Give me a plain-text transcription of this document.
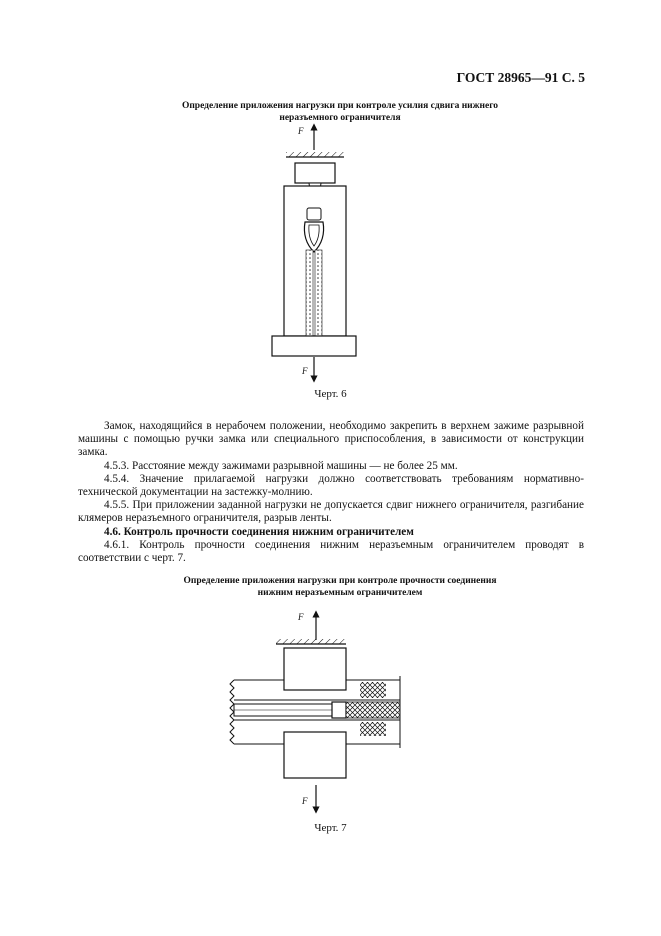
ГОСТ 28965—91 С. 5
Определение приложения нагрузки при контроле усилия сдвига нижнего
неразъемного ограничителя
F
F
Черт. 6

Замок, находящийся в нерабочем положении, необходимо закрепить в верхнем зажиме разрывной машины с помощью ручки замка или специального приспособления, в зависимости от конструкции замка.

4.5.3. Расстояние между зажимами разрывной машины — не более 25 мм.

4.5.4. Значение прилагаемой нагрузки должно соответствовать требованиям нормативно-технической документации на застежку-молнию.

4.5.5. При приложении заданной нагрузки не допускается сдвиг нижнего ограничителя, разгибание клямеров неразъемного ограничителя, разрыв ленты.

4.6. Контроль прочности соединения нижним ограничителем

4.6.1. Контроль прочности соединения нижним неразъемным ограничителем проводят в соответствии с черт. 7.

Определение приложения нагрузки при контроле прочности соединения
нижним неразъемным ограничителем
F
F
Черт. 7
